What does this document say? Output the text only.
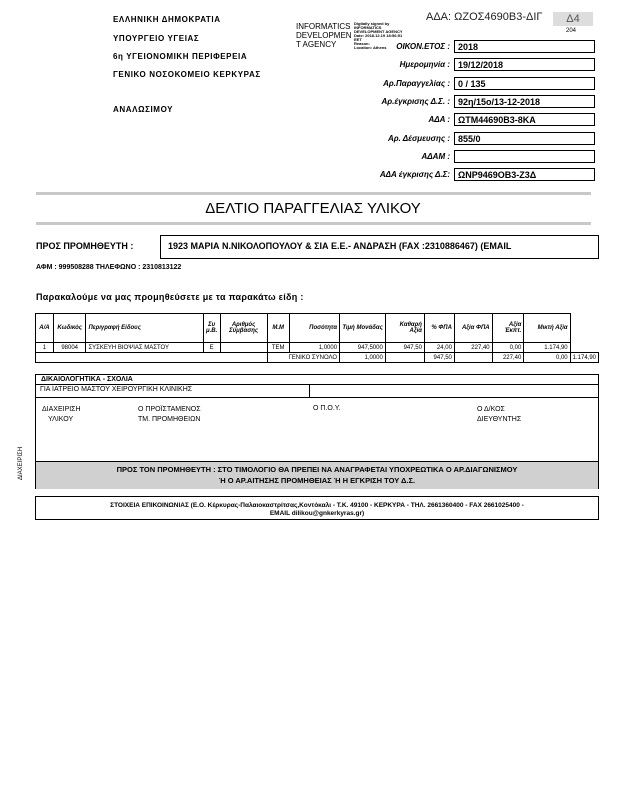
ΕΛΛΗΝΙΚΗ ΔΗΜΟΚΡΑΤΙΑ
ΥΠΟΥΡΓΕΙΟ ΥΓΕΙΑΣ
6η ΥΓΕΙΟΝΟΜΙΚΗ ΠΕΡΙΦΕΡΕΙΑ
ΓΕΝΙΚΟ ΝΟΣΟΚΟΜΕΙΟ ΚΕΡΚΥΡΑΣ
ΑΝΑΛΩΣΙΜΟΥ
INFORMATICS
DEVELOPMEN
T AGENCY
Digitally signed by
INFORMATICS
DEVELOPMENT AGENCY
Date: 2018.12.19 18:56:51
EET
Reason:
Location: Athens
ΑΔΑ: ΩΖΟΣ4690Β3-ΔΙΓ	Δ4
204
ΟΙΚΟΝ.ΕΤΟΣ : 2018
Ημερομηνία : 19/12/2018
Αρ.Παραγγελίας : 0 / 135
Αρ.έγκρισης Δ.Σ. : 92η/15ο/13-12-2018
ΑΔΑ : ΩΤΜ44690Β3-8ΚΑ
Αρ. Δέσμευσης : 855/0
ΑΔΑΜ :
ΑΔΑ έγκρισης Δ.Σ: ΩΝΡ9469ΟΒ3-Ζ3Δ
ΔΕΛΤΙΟ ΠΑΡΑΓΓΕΛΙΑΣ ΥΛΙΚΟΥ
ΠΡΟΣ ΠΡΟΜΗΘΕΥΤΗ :	1923 ΜΑΡΙΑ Ν.ΝΙΚΟΛΟΠΟΥΛΟΥ & ΣΙΑ Ε.Ε.- ΑΝΔΡΑΣΗ (FAX :2310886467) (EMAIL
ΑΦΜ : 999508288 ΤΗΛΕΦΩΝΟ : 2310813122
Παρακαλούμε να μας προμηθεύσετε με τα παρακάτω είδη :
Α/Α	Κωδικός	Περιγραφή Είδους	Συ μ.Β.	Αριθμός Σύμβασης	Μ.Μ	Ποσότητα	Τιμή Μονάδας	Καθαρή Αξία	% ΦΠΑ	Αξία ΦΠΑ	Αξία Έκπτ.	Μικτή Αξία	
1	98004	ΣΥΣΚΕΥΗ ΒΙΟΨΙΑΣ ΜΑΣΤΟΥ	Ε		ΤΕΜ	1,0000	947,5000	947,50	24,00	227,40	0,00	1.174,90	
					ΓΕΝΙΚΟ ΣΥΝΟΛΟ		1,0000		947,50		227,40	0,00	1.174,90
ΔΙΚΑΙΟΛΟΓΗΤΙΚΑ - ΣΧΟΛΙΑ
ΓΙΑ ΙΑΤΡΕΙΟ ΜΑΣΤΟΥ ΧΕΙΡΟΥΡΓΙΚΗ ΚΛΙΝΙΚΗΣ
ΔΙΑΧΕΙΡΙΣΗ
ΥΛΙΚΟΥ
Ο ΠΡΟΪΣΤΑΜΕΝΟΣ
ΤΜ. ΠΡΟΜΗΘΕΙΩΝ
Ο Π.Ο.Υ.	Ο Δ/ΚΟΣ
ΔΙΕΥΘΥΝΤΗΣ
ΠΡΟΣ ΤΟΝ ΠΡΟΜΗΘΕΥΤΗ : ΣΤΟ ΤΙΜΟΛΟΓΙΟ ΘΑ ΠΡΕΠΕΙ ΝΑ ΑΝΑΓΡΑΦΕΤΑΙ ΥΠΟΧΡΕΩΤΙΚΑ Ο ΑΡ.ΔΙΑΓΩΝΙΣΜΟΥ
Ή Ο ΑΡ.ΑΙΤΗΣΗΣ ΠΡΟΜΗΘΕΙΑΣ Ή Η ΕΓΚΡΙΣΗ ΤΟΥ Δ.Σ.
ΔΙΑΧΕΙΡΙΣΗ
ΣΤΟΙΧΕΙΑ ΕΠΙΚΟΙΝΩΝΙΑΣ (Ε.Ο. Κέρκυρας-Παλαιοκαστρίτσας,Κοντόκαλι - Τ.Κ. 49100 - ΚΕΡΚΥΡΑ - ΤΗΛ. 2661360400 - FAX 2661025400 -
EMAIL dilikou@gnkerkyras.gr)
